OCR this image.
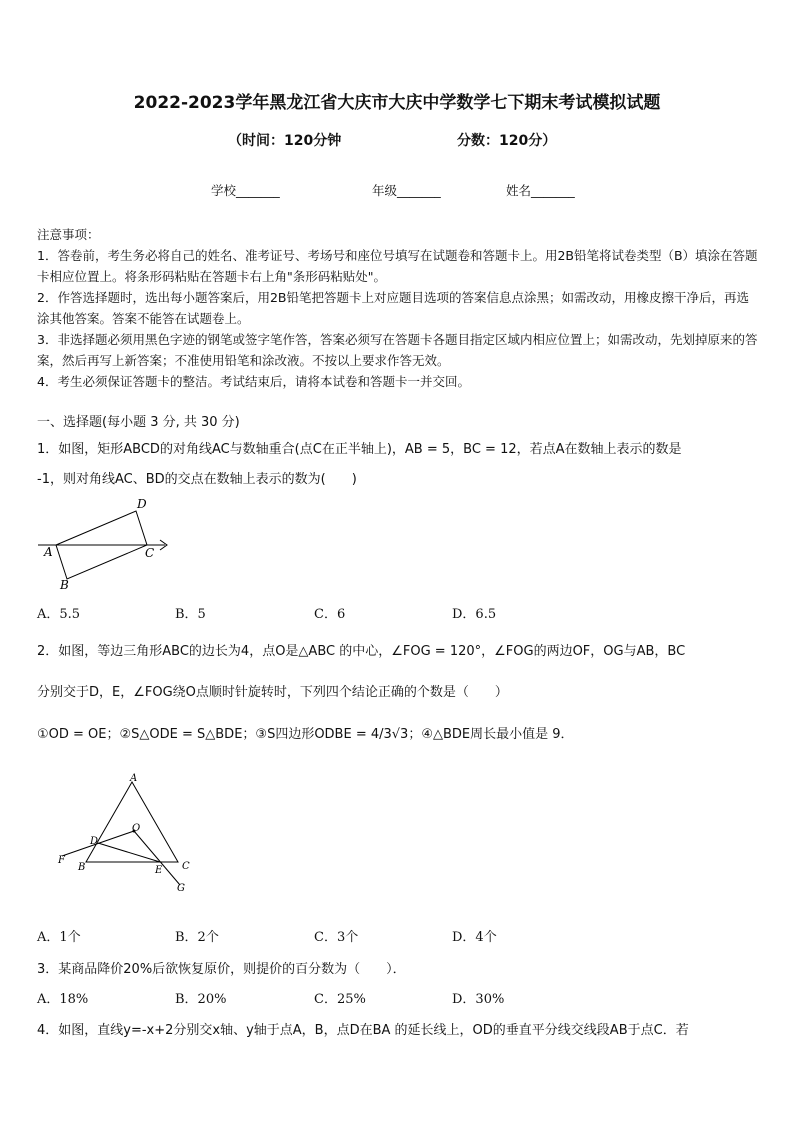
2022-2023学年黑龙江省大庆市大庆中学数学七下期末考试模拟试题
（时间：120分钟	分数：120分）
学校_______	年级_______	姓名_______

注意事项：

1．答卷前，考生务必将自己的姓名、准考证号、考场号和座位号填写在试题卷和答题卡上。用2B铅笔将试卷类型（B）填涂在答题卡相应位置上。将条形码粘贴在答题卡右上角"条形码粘贴处"。

2．作答选择题时，选出每小题答案后，用2B铅笔把答题卡上对应题目选项的答案信息点涂黑；如需改动，用橡皮擦干净后，再选涂其他答案。答案不能答在试题卷上。

3．非选择题必须用黑色字迹的钢笔或签字笔作答，答案必须写在答题卡各题目指定区域内相应位置上；如需改动，先划掉原来的答案，然后再写上新答案；不准使用铅笔和涂改液。不按以上要求作答无效。

4．考生必须保证答题卡的整洁。考试结束后，请将本试卷和答题卡一并交回。

一、选择题(每小题 3 分, 共 30 分)
1．如图，矩形ABCD的对角线AC与数轴重合(点C在正半轴上)，AB = 5，BC = 12，若点A在数轴上表示的数是
-1，则对角线AC、BD的交点在数轴上表示的数为(　　)
D
A	C
B
A．5.5	B．5	C．6	D．6.5
2．如图，等边三角形ABC的边长为4，点O是△ABC 的中心，∠FOG = 120°，∠FOG的两边OF，OG与AB，BC
分别交于D，E，∠FOG绕O点顺时针旋转时，下列四个结论正确的个数是（　　）
①OD = OE；②S△ODE = S△BDE；③S四边形ODBE = 4/3√3；④△BDE周长最小值是 9．
A
O
D
F
B	E C
G
A．1个	B．2个	C．3个	D．4个
3．某商品降价20%后欲恢复原价，则提价的百分数为（　　）．
A．18%	B．20%	C．25%	D．30%
4．如图，直线y=-x+2分别交x轴、y轴于点A，B，点D在BA 的延长线上，OD的垂直平分线交线段AB于点C．若
